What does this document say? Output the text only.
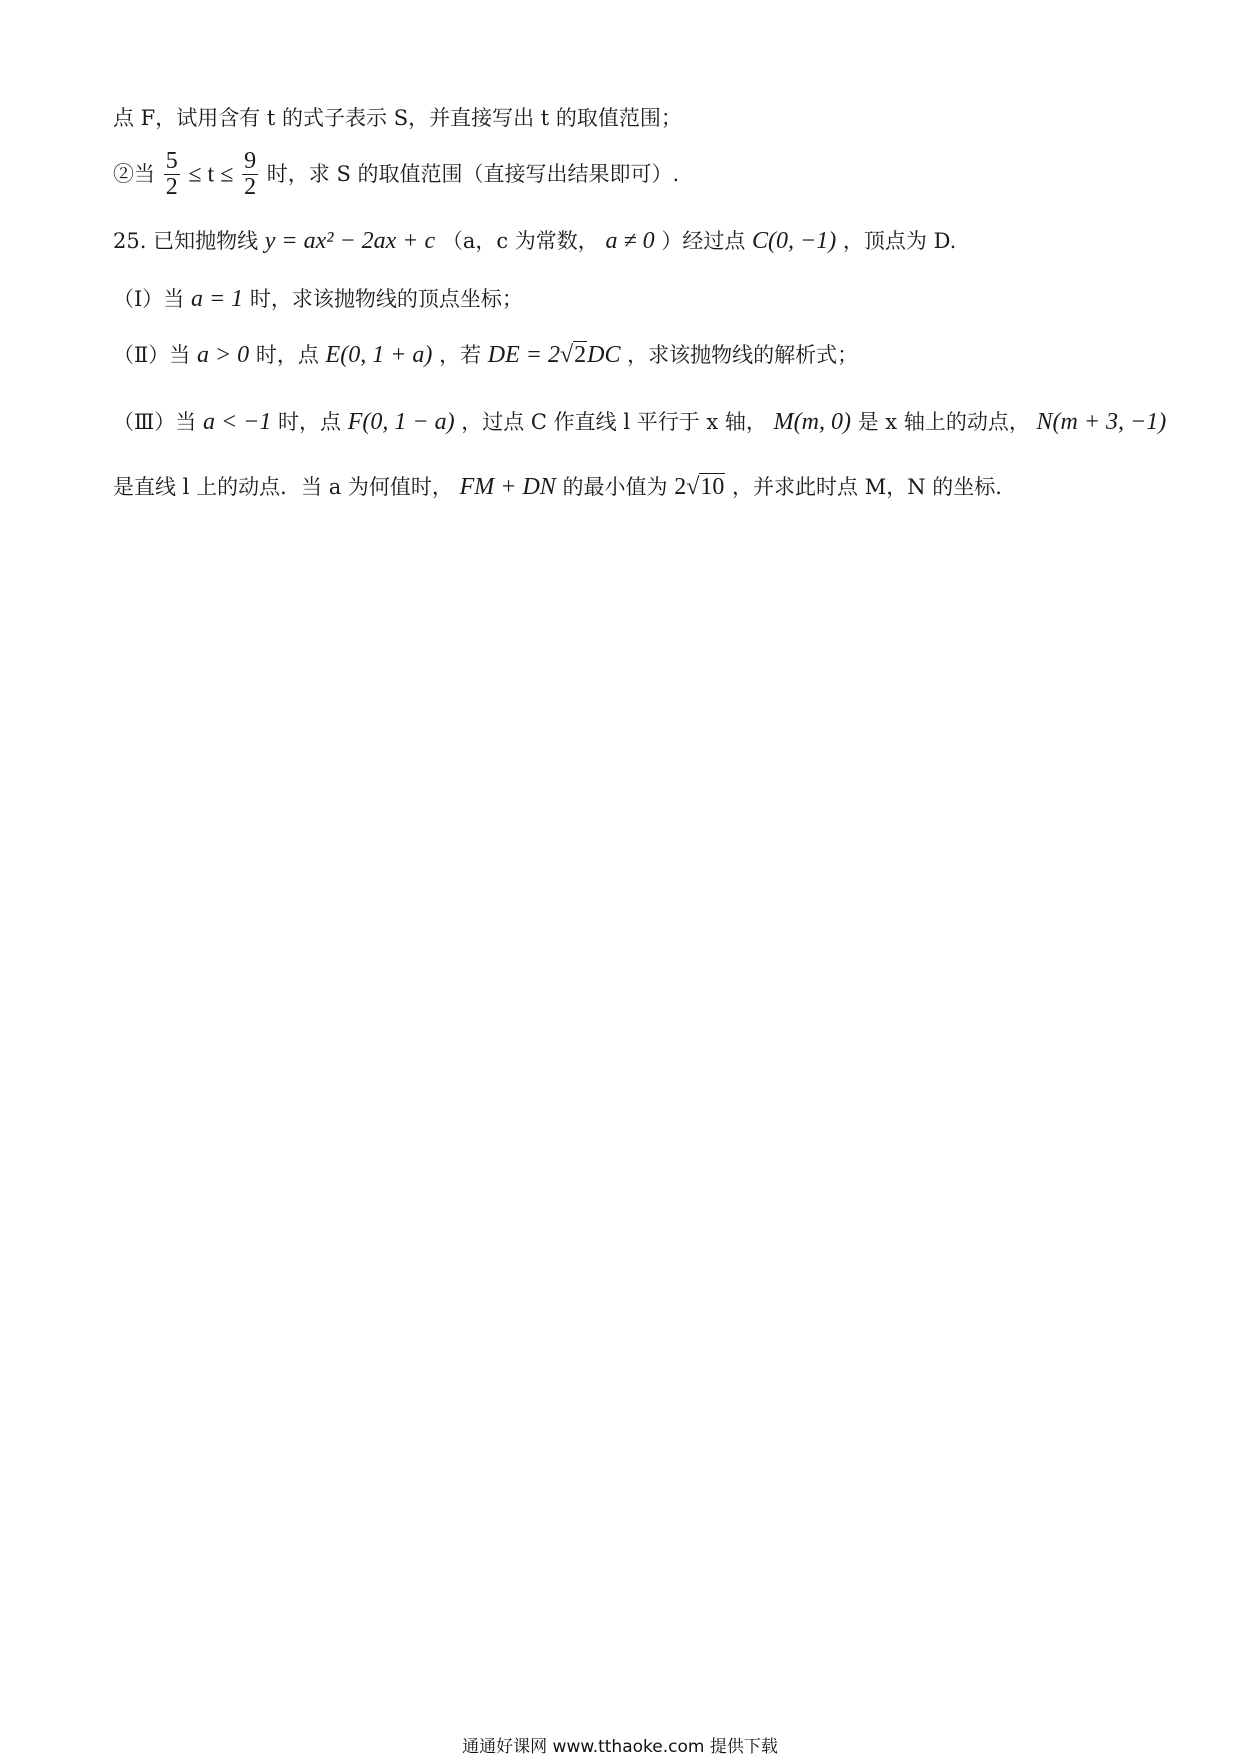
点 F，试用含有 t 的式子表示 S，并直接写出 t 的取值范围；
②当 $\frac{5}{2} \le t \le \frac{9}{2}$ 时，求 S 的取值范围（直接写出结果即可）.
25. 已知抛物线 y = ax² − 2ax + c （a，c 为常数， a ≠ 0 ）经过点 C(0, −1) ，顶点为 D.
（Ⅰ）当 a = 1 时，求该抛物线的顶点坐标；
（Ⅱ）当 a > 0 时，点 E(0, 1 + a) ，若 DE = 2√2DC ，求该抛物线的解析式；
（Ⅲ）当 a < −1 时，点 F(0, 1 − a) ，过点 C 作直线 l 平行于 x 轴， M(m, 0) 是 x 轴上的动点， N(m + 3, −1)
是直线 l 上的动点．当 a 为何值时， FM + DN 的最小值为 2√10 ，并求此时点 M，N 的坐标.
通通好课网 www.tthaoke.com 提供下载
